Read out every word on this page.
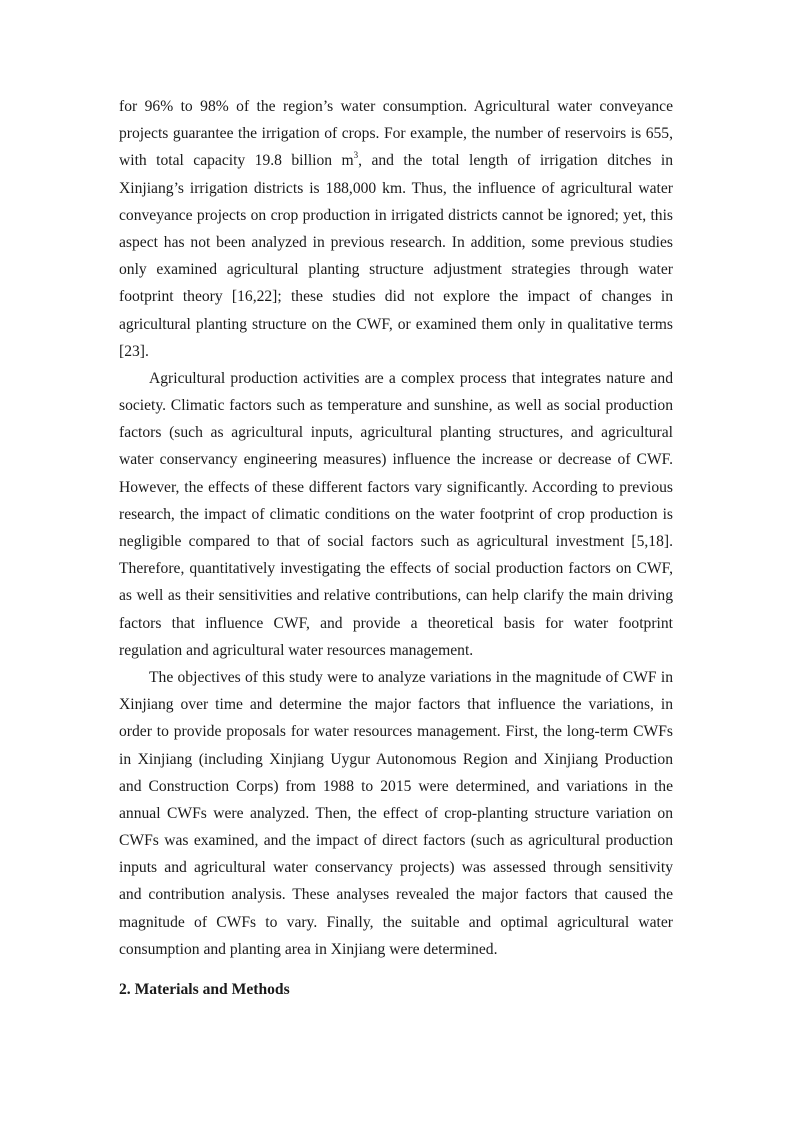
for 96% to 98% of the region’s water consumption. Agricultural water conveyance
projects guarantee the irrigation of crops. For example, the number of reservoirs is 655,
with total capacity 19.8 billion $m^3$, and the total length of irrigation ditches in
Xinjiang’s irrigation districts is 188,000 km. Thus, the influence of agricultural water
conveyance projects on crop production in irrigated districts cannot be ignored; yet, this
aspect has not been analyzed in previous research. In addition, some previous studies
only examined agricultural planting structure adjustment strategies through water
footprint theory [16,22]; these studies did not explore the impact of changes in
agricultural planting structure on the CWF, or examined them only in qualitative terms
[23].
Agricultural production activities are a complex process that integrates nature and
society. Climatic factors such as temperature and sunshine, as well as social production
factors (such as agricultural inputs, agricultural planting structures, and agricultural
water conservancy engineering measures) influence the increase or decrease of CWF.
However, the effects of these different factors vary significantly. According to previous
research, the impact of climatic conditions on the water footprint of crop production is
negligible compared to that of social factors such as agricultural investment [5,18].
Therefore, quantitatively investigating the effects of social production factors on CWF,
as well as their sensitivities and relative contributions, can help clarify the main driving
factors that influence CWF, and provide a theoretical basis for water footprint
regulation and agricultural water resources management.
The objectives of this study were to analyze variations in the magnitude of CWF in
Xinjiang over time and determine the major factors that influence the variations, in
order to provide proposals for water resources management. First, the long-term CWFs
in Xinjiang (including Xinjiang Uygur Autonomous Region and Xinjiang Production
and Construction Corps) from 1988 to 2015 were determined, and variations in the
annual CWFs were analyzed. Then, the effect of crop-planting structure variation on
CWFs was examined, and the impact of direct factors (such as agricultural production
inputs and agricultural water conservancy projects) was assessed through sensitivity
and contribution analysis. These analyses revealed the major factors that caused the
magnitude of CWFs to vary. Finally, the suitable and optimal agricultural water
consumption and planting area in Xinjiang were determined.
2. Materials and Methods
